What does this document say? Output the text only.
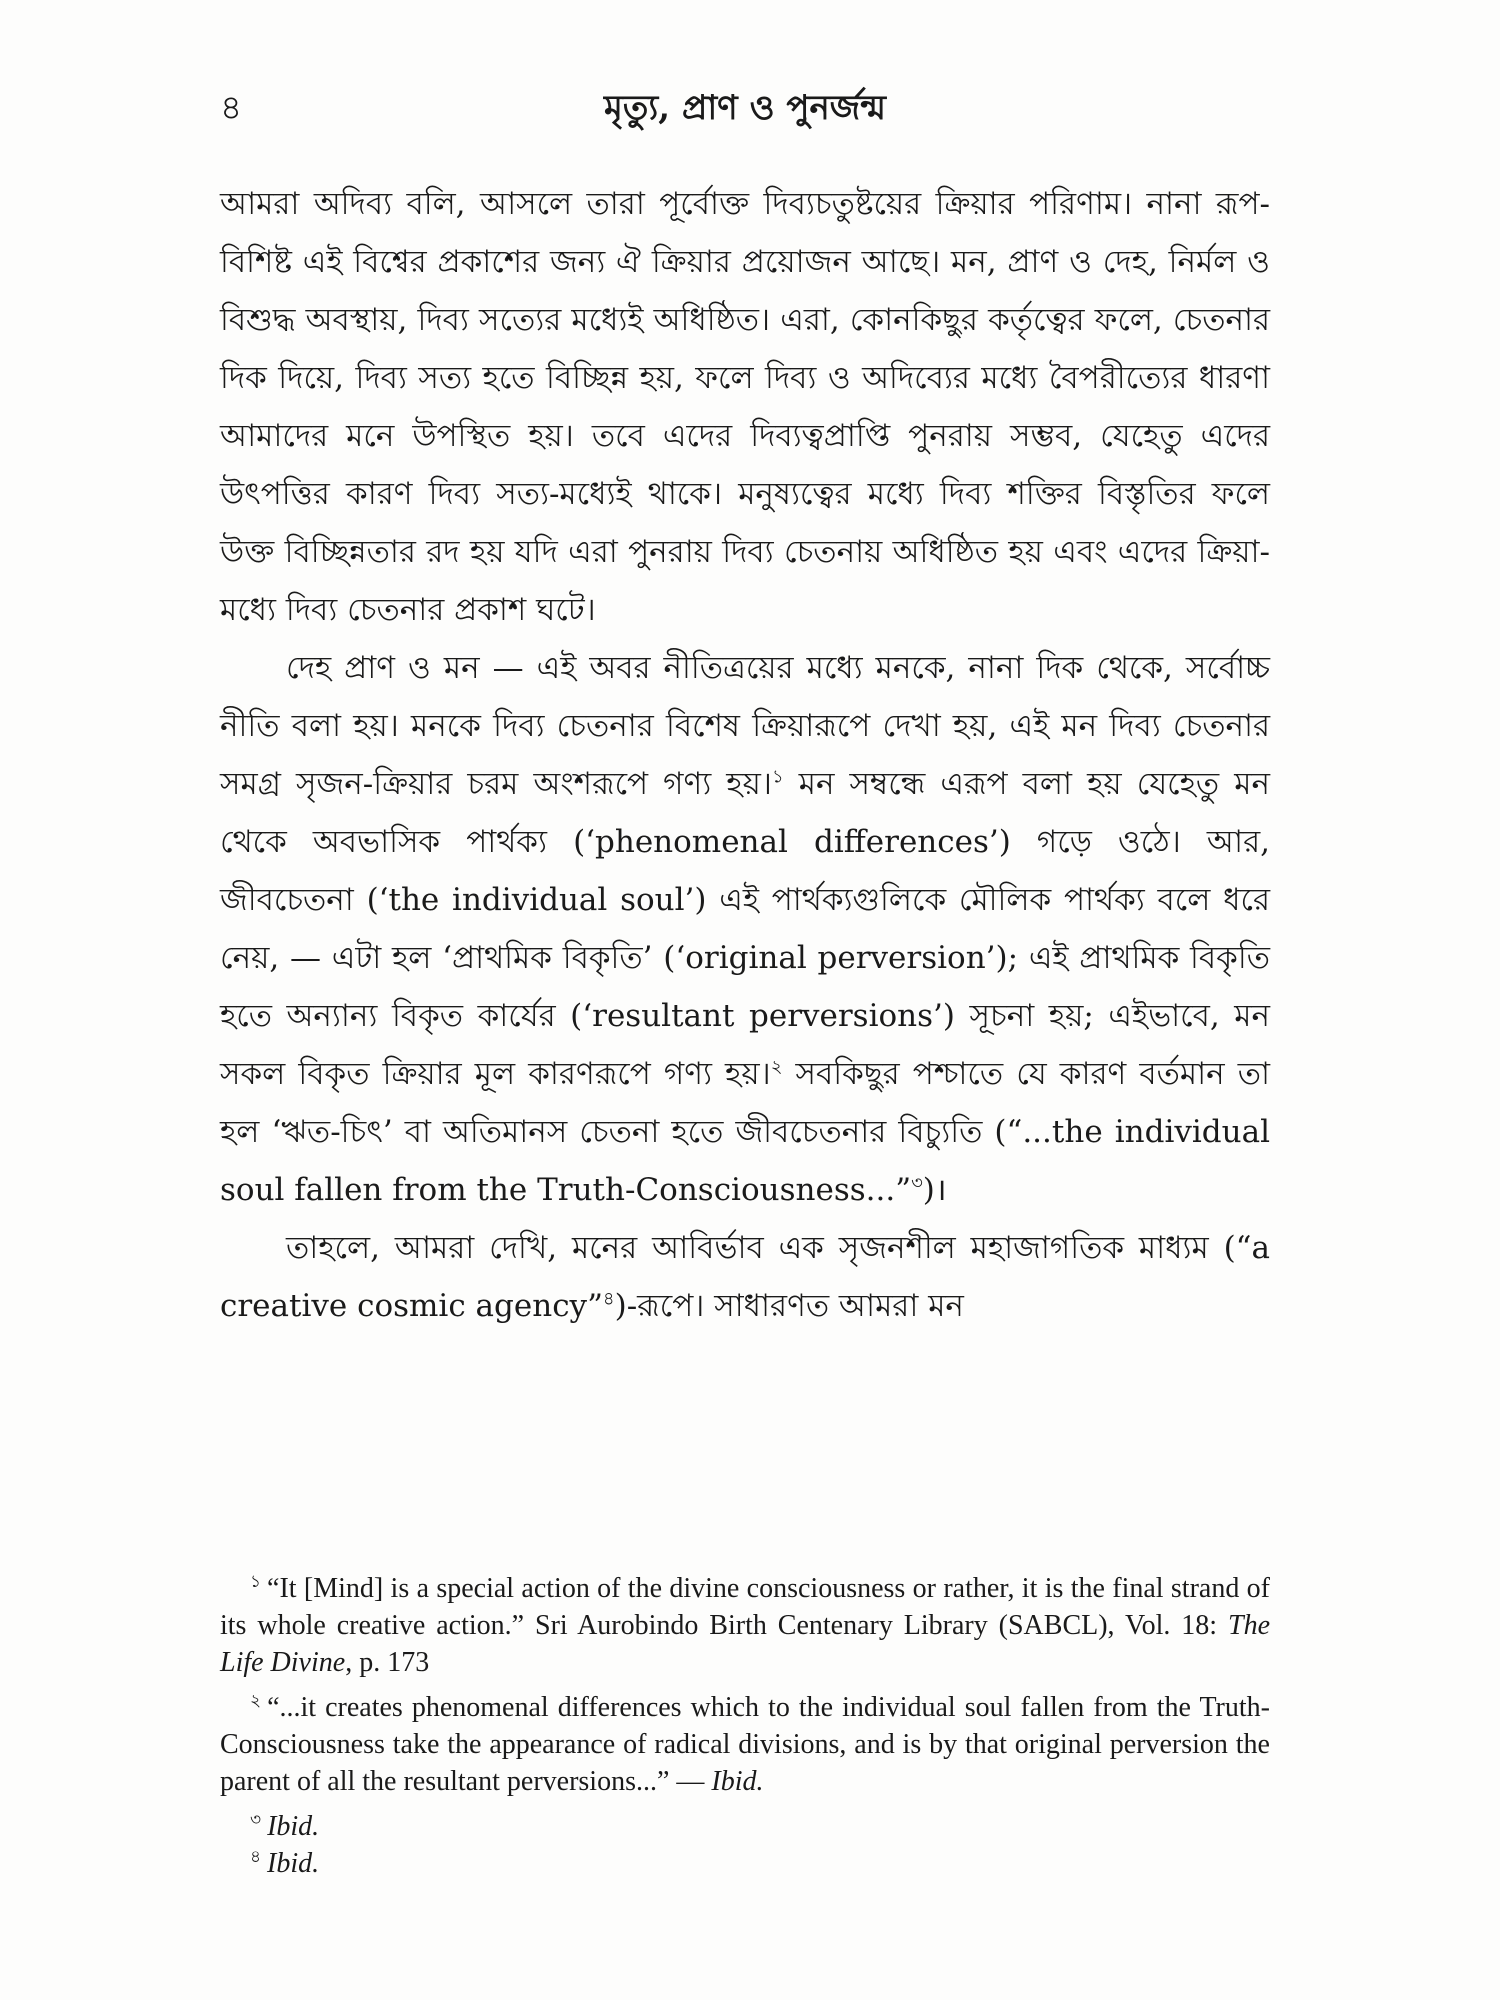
৪	মৃত্যু, প্রাণ ও পুনর্জন্ম

আমরা অদিব্য বলি, আসলে তারা পূর্বোক্ত দিব্যচতুষ্টয়ের ক্রিয়ার পরিণাম। নানা রূপ-বিশিষ্ট এই বিশ্বের প্রকাশের জন্য ঐ ক্রিয়ার প্রয়োজন আছে। মন, প্রাণ ও দেহ, নির্মল ও বিশুদ্ধ অবস্থায়, দিব্য সত্যের মধ্যেই অধিষ্ঠিত। এরা, কোনকিছুর কর্তৃত্বের ফলে, চেতনার দিক দিয়ে, দিব্য সত্য হতে বিচ্ছিন্ন হয়, ফলে দিব্য ও অদিব্যের মধ্যে বৈপরীত্যের ধারণা আমাদের মনে উপস্থিত হয়। তবে এদের দিব্যত্বপ্রাপ্তি পুনরায় সম্ভব, যেহেতু এদের উৎপত্তির কারণ দিব্য সত্য-মধ্যেই থাকে। মনুষ্যত্বের মধ্যে দিব্য শক্তির বিস্তৃতির ফলে উক্ত বিচ্ছিন্নতার রদ হয় যদি এরা পুনরায় দিব্য চেতনায় অধিষ্ঠিত হয় এবং এদের ক্রিয়া-মধ্যে দিব্য চেতনার প্রকাশ ঘটে।

দেহ প্রাণ ও মন — এই অবর নীতিত্রয়ের মধ্যে মনকে, নানা দিক থেকে, সর্বোচ্চ নীতি বলা হয়। মনকে দিব্য চেতনার বিশেষ ক্রিয়ারূপে দেখা হয়, এই মন দিব্য চেতনার সমগ্র সৃজন-ক্রিয়ার চরম অংশরূপে গণ্য হয়।$^১$ মন সম্বন্ধে এরূপ বলা হয় যেহেতু মন থেকে অবভাসিক পার্থক্য (‘phenomenal differences’) গড়ে ওঠে। আর, জীবচেতনা (‘the individual soul’) এই পার্থক্যগুলিকে মৌলিক পার্থক্য বলে ধরে নেয়, — এটা হল ‘প্রাথমিক বিকৃতি’ (‘original perversion’); এই প্রাথমিক বিকৃতি হতে অন্যান্য বিকৃত কার্যের (‘resultant perversions’) সূচনা হয়; এইভাবে, মন সকল বিকৃত ক্রিয়ার মূল কারণরূপে গণ্য হয়।$^২$ সবকিছুর পশ্চাতে যে কারণ বর্তমান তা হল ‘ঋত-চিৎ’ বা অতিমানস চেতনা হতে জীবচেতনার বিচ্যুতি (“...the individual soul fallen from the Truth-Consciousness...”$^৩$)।

তাহলে, আমরা দেখি, মনের আবির্ভাব এক সৃজনশীল মহাজাগতিক মাধ্যম (“a creative cosmic agency”$^৪$)-রূপে। সাধারণত আমরা মন

$^১$ “It [Mind] is a special action of the divine consciousness or rather, it is the final strand of its whole creative action.” Sri Aurobindo Birth Centenary Library (SABCL), Vol. 18: The Life Divine, p. 173

$^২$ “...it creates phenomenal differences which to the individual soul fallen from the Truth-Consciousness take the appearance of radical divisions, and is by that original perversion the parent of all the resultant perversions...” — Ibid.

$^৩$ Ibid.

$^৪$ Ibid.
